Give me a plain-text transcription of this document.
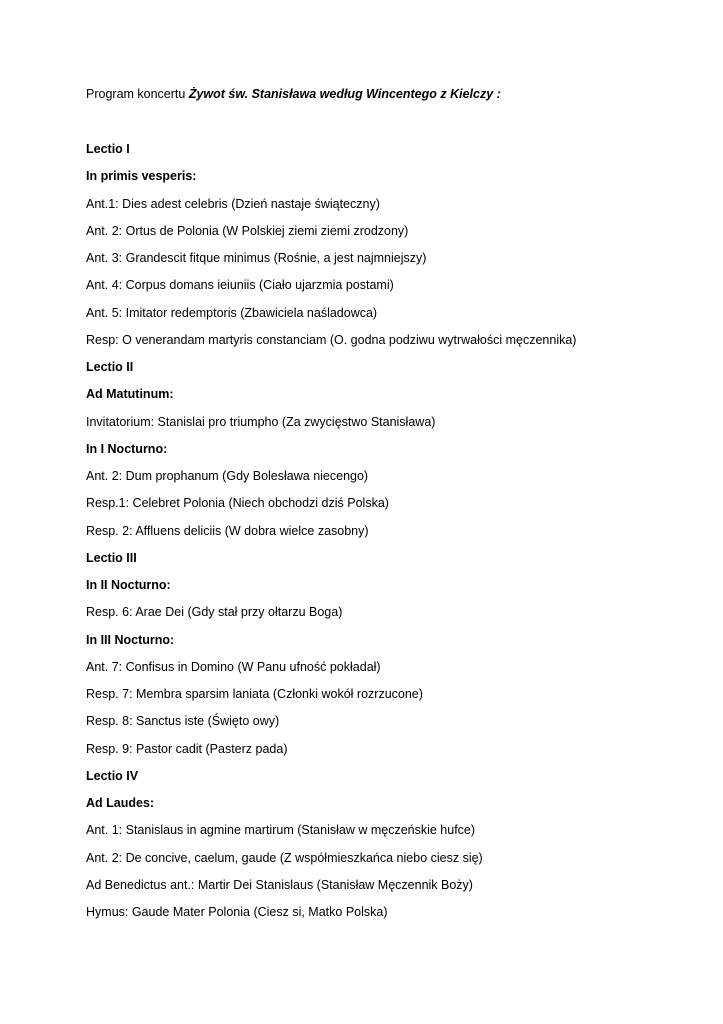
Program koncertu Żywot św. Stanisława według Wincentego z Kielczy :
Lectio I
In primis vesperis:
Ant.1: Dies adest celebris (Dzień nastaje świąteczny)
Ant. 2: Ortus de Polonia (W Polskiej ziemi ziemi zrodzony)
Ant. 3: Grandescit fitque minimus (Rośnie, a jest najmniejszy)
Ant. 4: Corpus domans ieiuniis (Ciało ujarzmia postami)
Ant. 5: Imitator redemptoris (Zbawiciela naśladowca)
Resp: O venerandam martyris constanciam (O. godna podziwu wytrwałości męczennika)
Lectio II
Ad Matutinum:
Invitatorium: Stanislai pro triumpho (Za zwycięstwo Stanisława)
In I Nocturno:
Ant. 2: Dum prophanum (Gdy Bolesława niecengo)
Resp.1: Celebret Polonia (Niech obchodzi dziś Polska)
Resp. 2: Affluens deliciis (W dobra wielce zasobny)
Lectio III
In II Nocturno:
Resp. 6: Arae Dei (Gdy stał przy ołtarzu Boga)
In III Nocturno:
Ant. 7: Confisus in Domino (W Panu ufność pokładał)
Resp. 7: Membra sparsim laniata (Członki wokół rozrzucone)
Resp. 8: Sanctus iste (Święto owy)
Resp. 9: Pastor cadit (Pasterz pada)
Lectio IV
Ad Laudes:
Ant. 1: Stanislaus in agmine martirum (Stanisław w męczeńskie hufce)
Ant. 2: De concive, caelum, gaude (Z współmieszkańca niebo ciesz się)
Ad Benedictus ant.: Martir Dei Stanislaus (Stanisław Męczennik Boży)
Hymus: Gaude Mater Polonia (Ciesz si, Matko Polska)
